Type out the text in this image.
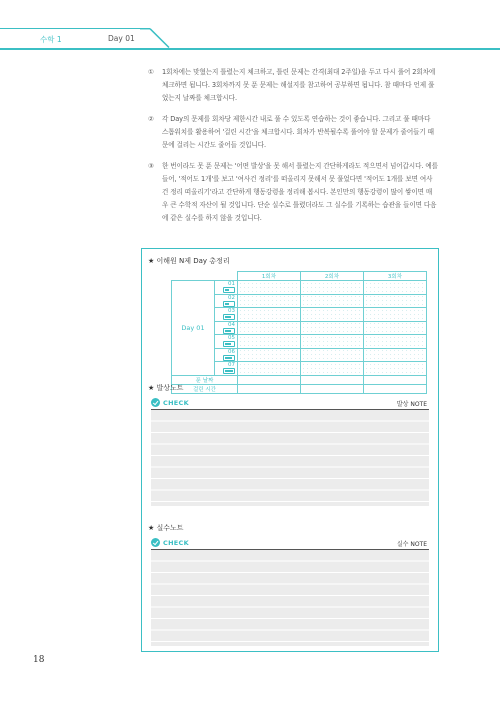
수학 1	Day 01
① 1회차에는 맞혔는지 틀렸는지 체크하고, 틀린 문제는 간격(최대 2주일)을 두고 다시 풀어 2회차에 체크하면 됩니다. 3회차까지 못 푼 문제는 해설지를 참고하여 공부하면 됩니다. 참 때마다 언제 풀었는지 날짜를 체크합시다.
② 각 Day의 문제를 회차당 제한시간 내로 풀 수 있도록 연습하는 것이 좋습니다. 그리고 풀 때마다 스톱워치를 활용하여 '걸린 시간'을 체크합시다. 회차가 반복될수록 풀어야 할 문제가 줄어들기 때문에 걸리는 시간도 줄어들 것입니다.
③ 한 번이라도 못 푼 문제는 '어떤 발상'을 못 해서 틀렸는지 간단하게라도 적으면서 넘어갑시다. 예를 들어, '적어도 1개'를 보고 '여사건 정리'를 떠올리지 못해서 못 풀었다면 '적어도 1개를 보면 여사건 정리 떠올리기'라고 간단하게 행동강령을 정리해 봅시다. 본인만의 행동강령이 많이 쌓이면 매우 큰 수학적 자산이 될 것입니다. 단순 실수로 틀렸더라도 그 실수를 기록하는 습관을 들이면 다음에 같은 실수를 하지 않을 것입니다.
★ 이해원 N제 Day 총정리
		1회차	2회차	3회차
Day 01	01

	02

	03

	04

	05

	06

	07

푼 날짜				
걸린 시간				
★ 발상노트
CHECK	발상 NOTE
★ 실수노트
CHECK	실수 NOTE
18
